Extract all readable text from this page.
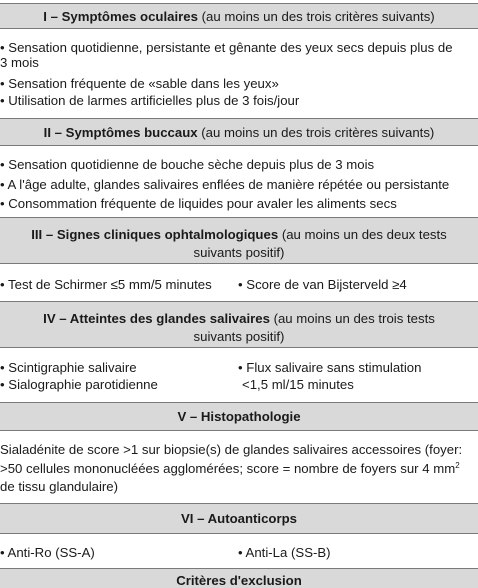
I – Symptômes oculaires (au moins un des trois critères suivants)
• Sensation quotidienne, persistante et gênante des yeux secs depuis plus de
3 mois
• Sensation fréquente de «sable dans les yeux»
• Utilisation de larmes artificielles plus de 3 fois/jour
II – Symptômes buccaux (au moins un des trois critères suivants)
• Sensation quotidienne de bouche sèche depuis plus de 3 mois
• A l'âge adulte, glandes salivaires enflées de manière répétée ou persistante
• Consommation fréquente de liquides pour avaler les aliments secs
III – Signes cliniques ophtalmologiques (au moins un des deux tests
suivants positif)
• Test de Schirmer ≤5 mm/5 minutes • Score de van Bijsterveld ≥4
IV – Atteintes des glandes salivaires (au moins un des trois tests
suivants positif)
• Scintigraphie salivaire
• Sialographie parotidienne
• Flux salivaire sans stimulation
<1,5 ml/15 minutes
V – Histopathologie
Sialadénite de score >1 sur biopsie(s) de glandes salivaires accessoires (foyer:
>50 cellules mononucléées agglomérées; score = nombre de foyers sur 4 $mm^2$
de tissu glandulaire)
VI – Autoanticorps
• Anti-Ro (SS-A)	• Anti-La (SS-B)
Critères d'exclusion
